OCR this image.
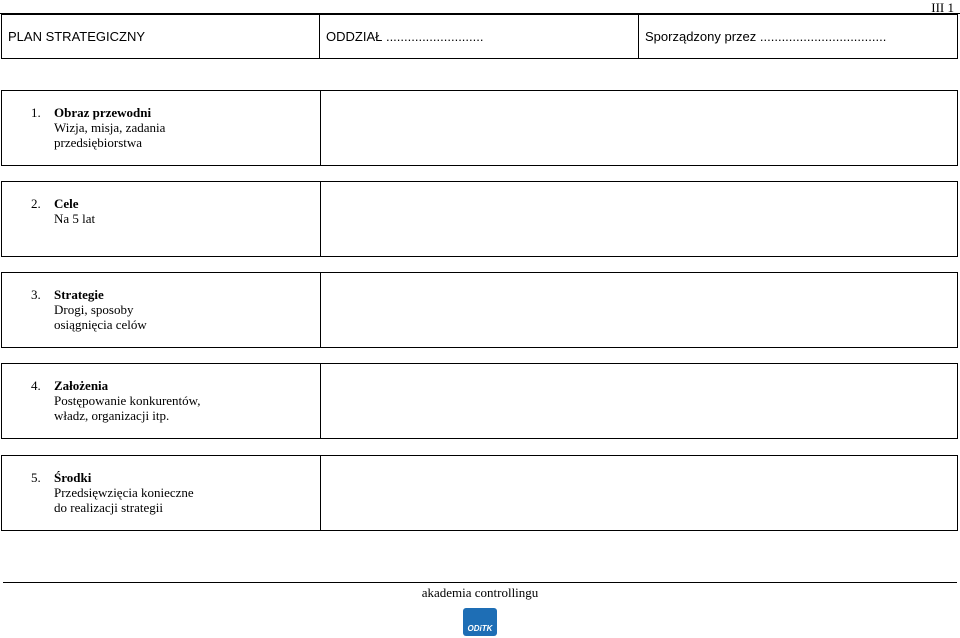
III 1
PLAN STRATEGICZNY	ODDZIAŁ ...........................	Sporządzony przez ...................................
1. Obraz przewodni
Wizja, misja, zadania
przedsiębiorstwa
2. Cele
Na 5 lat
3. Strategie
Drogi, sposoby
osiągnięcia celów
4. Założenia
Postępowanie konkurentów,
władz, organizacji itp.
5. Środki
Przedsięwzięcia konieczne
do realizacji strategii
akademia controllingu
ODiTK
